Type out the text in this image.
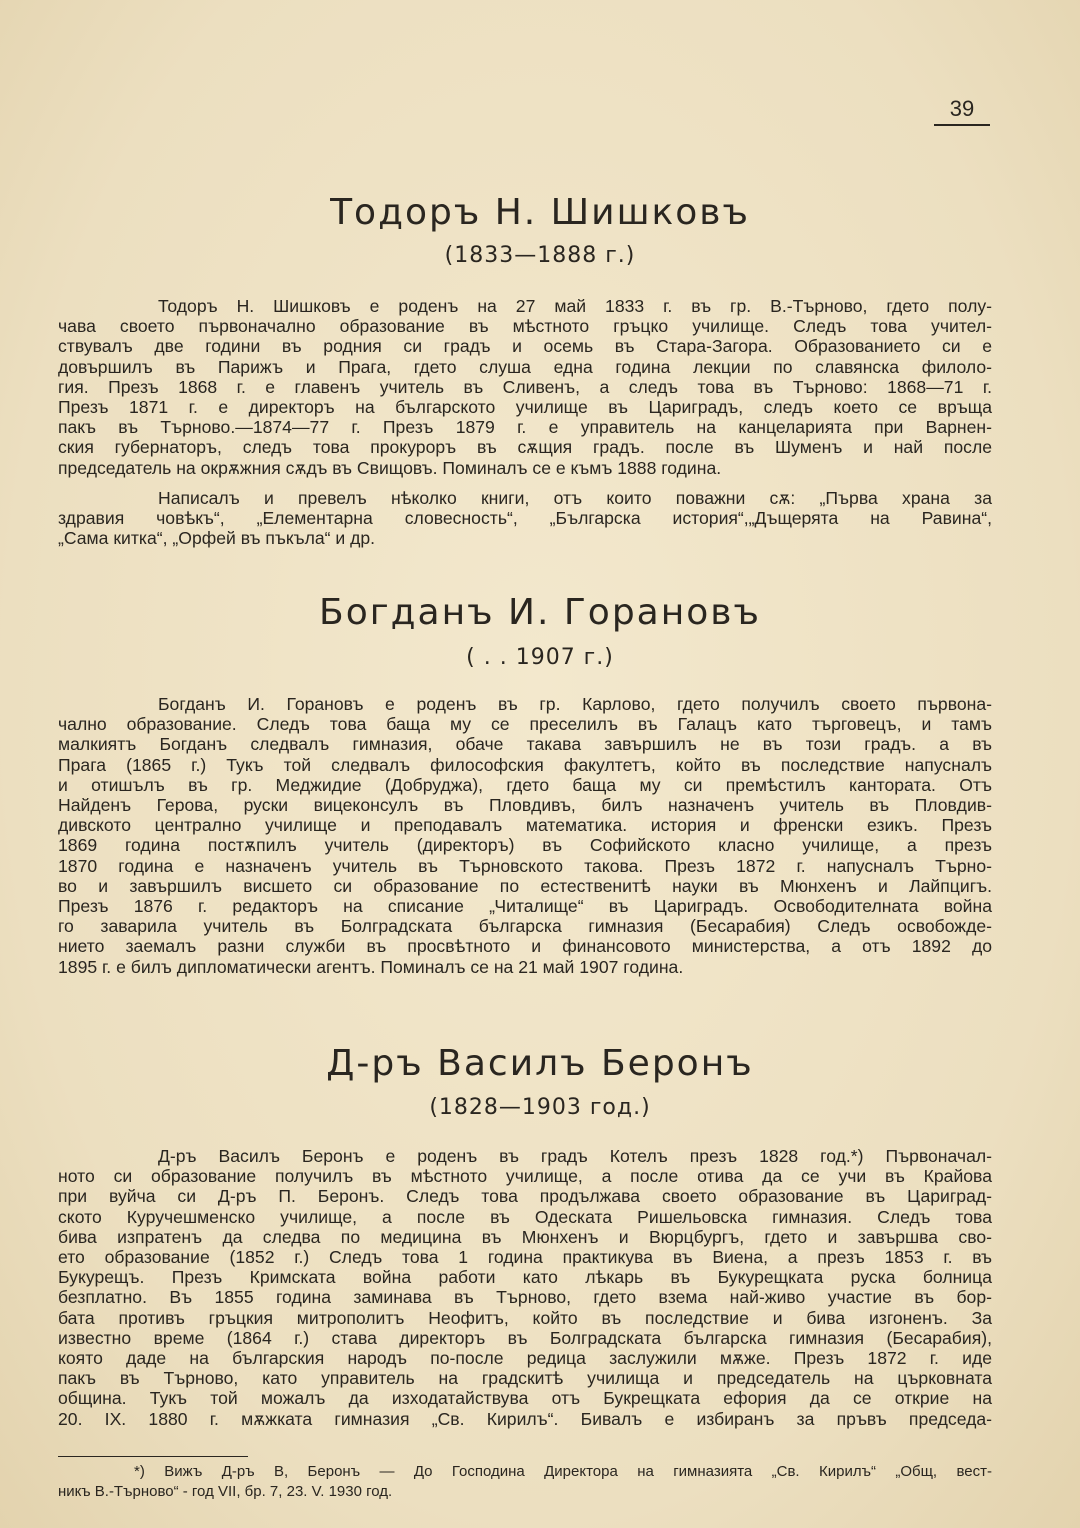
39
Тодоръ Н. Шишковъ
(1833—1888 г.)
Тодоръ Н. Шишковъ е роденъ на 27 май 1833 г. въ гр. В.-Търново, гдето полу-
чава своето първоначално образование въ мѣстното гръцко училище. Следъ това учител-
ствувалъ две години въ родния си градъ и осемь въ Стара-Загора. Образованието си е
довършилъ въ Парижъ и Прага, гдето слуша една година лекции по славянска филоло-
гия. Презъ 1868 г. е главенъ учитель въ Сливенъ, а следъ това въ Търново: 1868—71 г.
Презъ 1871 г. е директоръ на българското училище въ Цариградъ, следъ което се връща
пакъ въ Търново.—1874—77 г. Презъ 1879 г. е управитель на канцеларията при Варнен-
ския губернаторъ, следъ това прокуроръ въ сѫщия градъ. после въ Шуменъ и най после
председатель на окрѫжния сѫдъ въ Свищовъ. Поминалъ се е къмъ 1888 година.
Написалъ и превелъ нѣколко книги, отъ които поважни сѫ: „Първа храна за
здравия човѣкъ“, „Елементарна словесность“, „Българска история“,„Дъщерята на Равина“,
„Сама китка“, „Орфей въ пъкъла“ и др.
Богданъ И. Горановъ
( . . 1907 г.)
Богданъ И. Горановъ е роденъ въ гр. Карлово, гдето получилъ своето първона-
чално образование. Следъ това баща му се преселилъ въ Галацъ като търговецъ, и тамъ
малкиятъ Богданъ следвалъ гимназия, обаче такава завършилъ не въ този градъ. а въ
Прага (1865 г.) Тукъ той следвалъ философския факултетъ, който въ последствие напусналъ
и отишълъ въ гр. Меджидие (Добруджа), гдето баща му си премѣстилъ кантората. Отъ
Найденъ Герова, руски вицеконсулъ въ Пловдивъ, билъ назначенъ учитель въ Пловдив-
дивското централно училище и преподавалъ математика. история и френски езикъ. Презъ
1869 година постѫпилъ учитель (директоръ) въ Софийското класно училище, а презъ
1870 година е назначенъ учитель въ Търновското такова. Презъ 1872 г. напусналъ Търно-
во и завършилъ висшето си образование по естественитѣ науки въ Мюнхенъ и Лайпцигъ.
Презъ 1876 г. редакторъ на списание „Читалище“ въ Цариградъ. Освободителната война
го заварила учитель въ Болградската българска гимназия (Бесарабия) Следъ освобожде-
нието заемалъ разни служби въ просвѣтното и финансовото министерства, а отъ 1892 до
1895 г. е билъ дипломатически агентъ. Поминалъ се на 21 май 1907 година.
Д-ръ Василъ Беронъ
(1828—1903 год.)
Д-ръ Василъ Беронъ е роденъ въ градъ Котелъ презъ 1828 год.*) Първоначал-
ното си образование получилъ въ мѣстното училище, а после отива да се учи въ Крайова
при вуйча си Д-ръ П. Беронъ. Следъ това продължава своето образование въ Цариград-
ското Куручешменско училище, а после въ Одеската Ришельовска гимназия. Следъ това
бива изпратенъ да следва по медицина въ Мюнхенъ и Вюрцбургъ, гдето и завършва сво-
ето образование (1852 г.) Следъ това 1 година практикува въ Виена, а презъ 1853 г. въ
Букурещъ. Презъ Кримската война работи като лѣкарь въ Букурещката руска болница
безплатно. Въ 1855 година заминава въ Търново, гдето взема най-живо участие въ бор-
бата противъ гръцкия митрополитъ Неофитъ, който въ последствие и бива изгоненъ. За
известно време (1864 г.) става директоръ въ Болградската българска гимназия (Бесарабия),
която даде на българския народъ по-после редица заслужили мѫже. Презъ 1872 г. иде
пакъ въ Търново, като управитель на градскитѣ училища и председатель на църковната
община. Тукъ той можалъ да изходатайствува отъ Букрещката ефория да се открие на
20. IX. 1880 г. мѫжката гимназия „Св. Кирилъ“. Бивалъ е избиранъ за пръвъ председа-
*) Вижъ Д-ръ В, Беронъ — До Господина Директора на гимназията „Св. Кирилъ“ „Общ, вест-
никъ В.-Търново“ - год VII, бр. 7, 23. V. 1930 год.
